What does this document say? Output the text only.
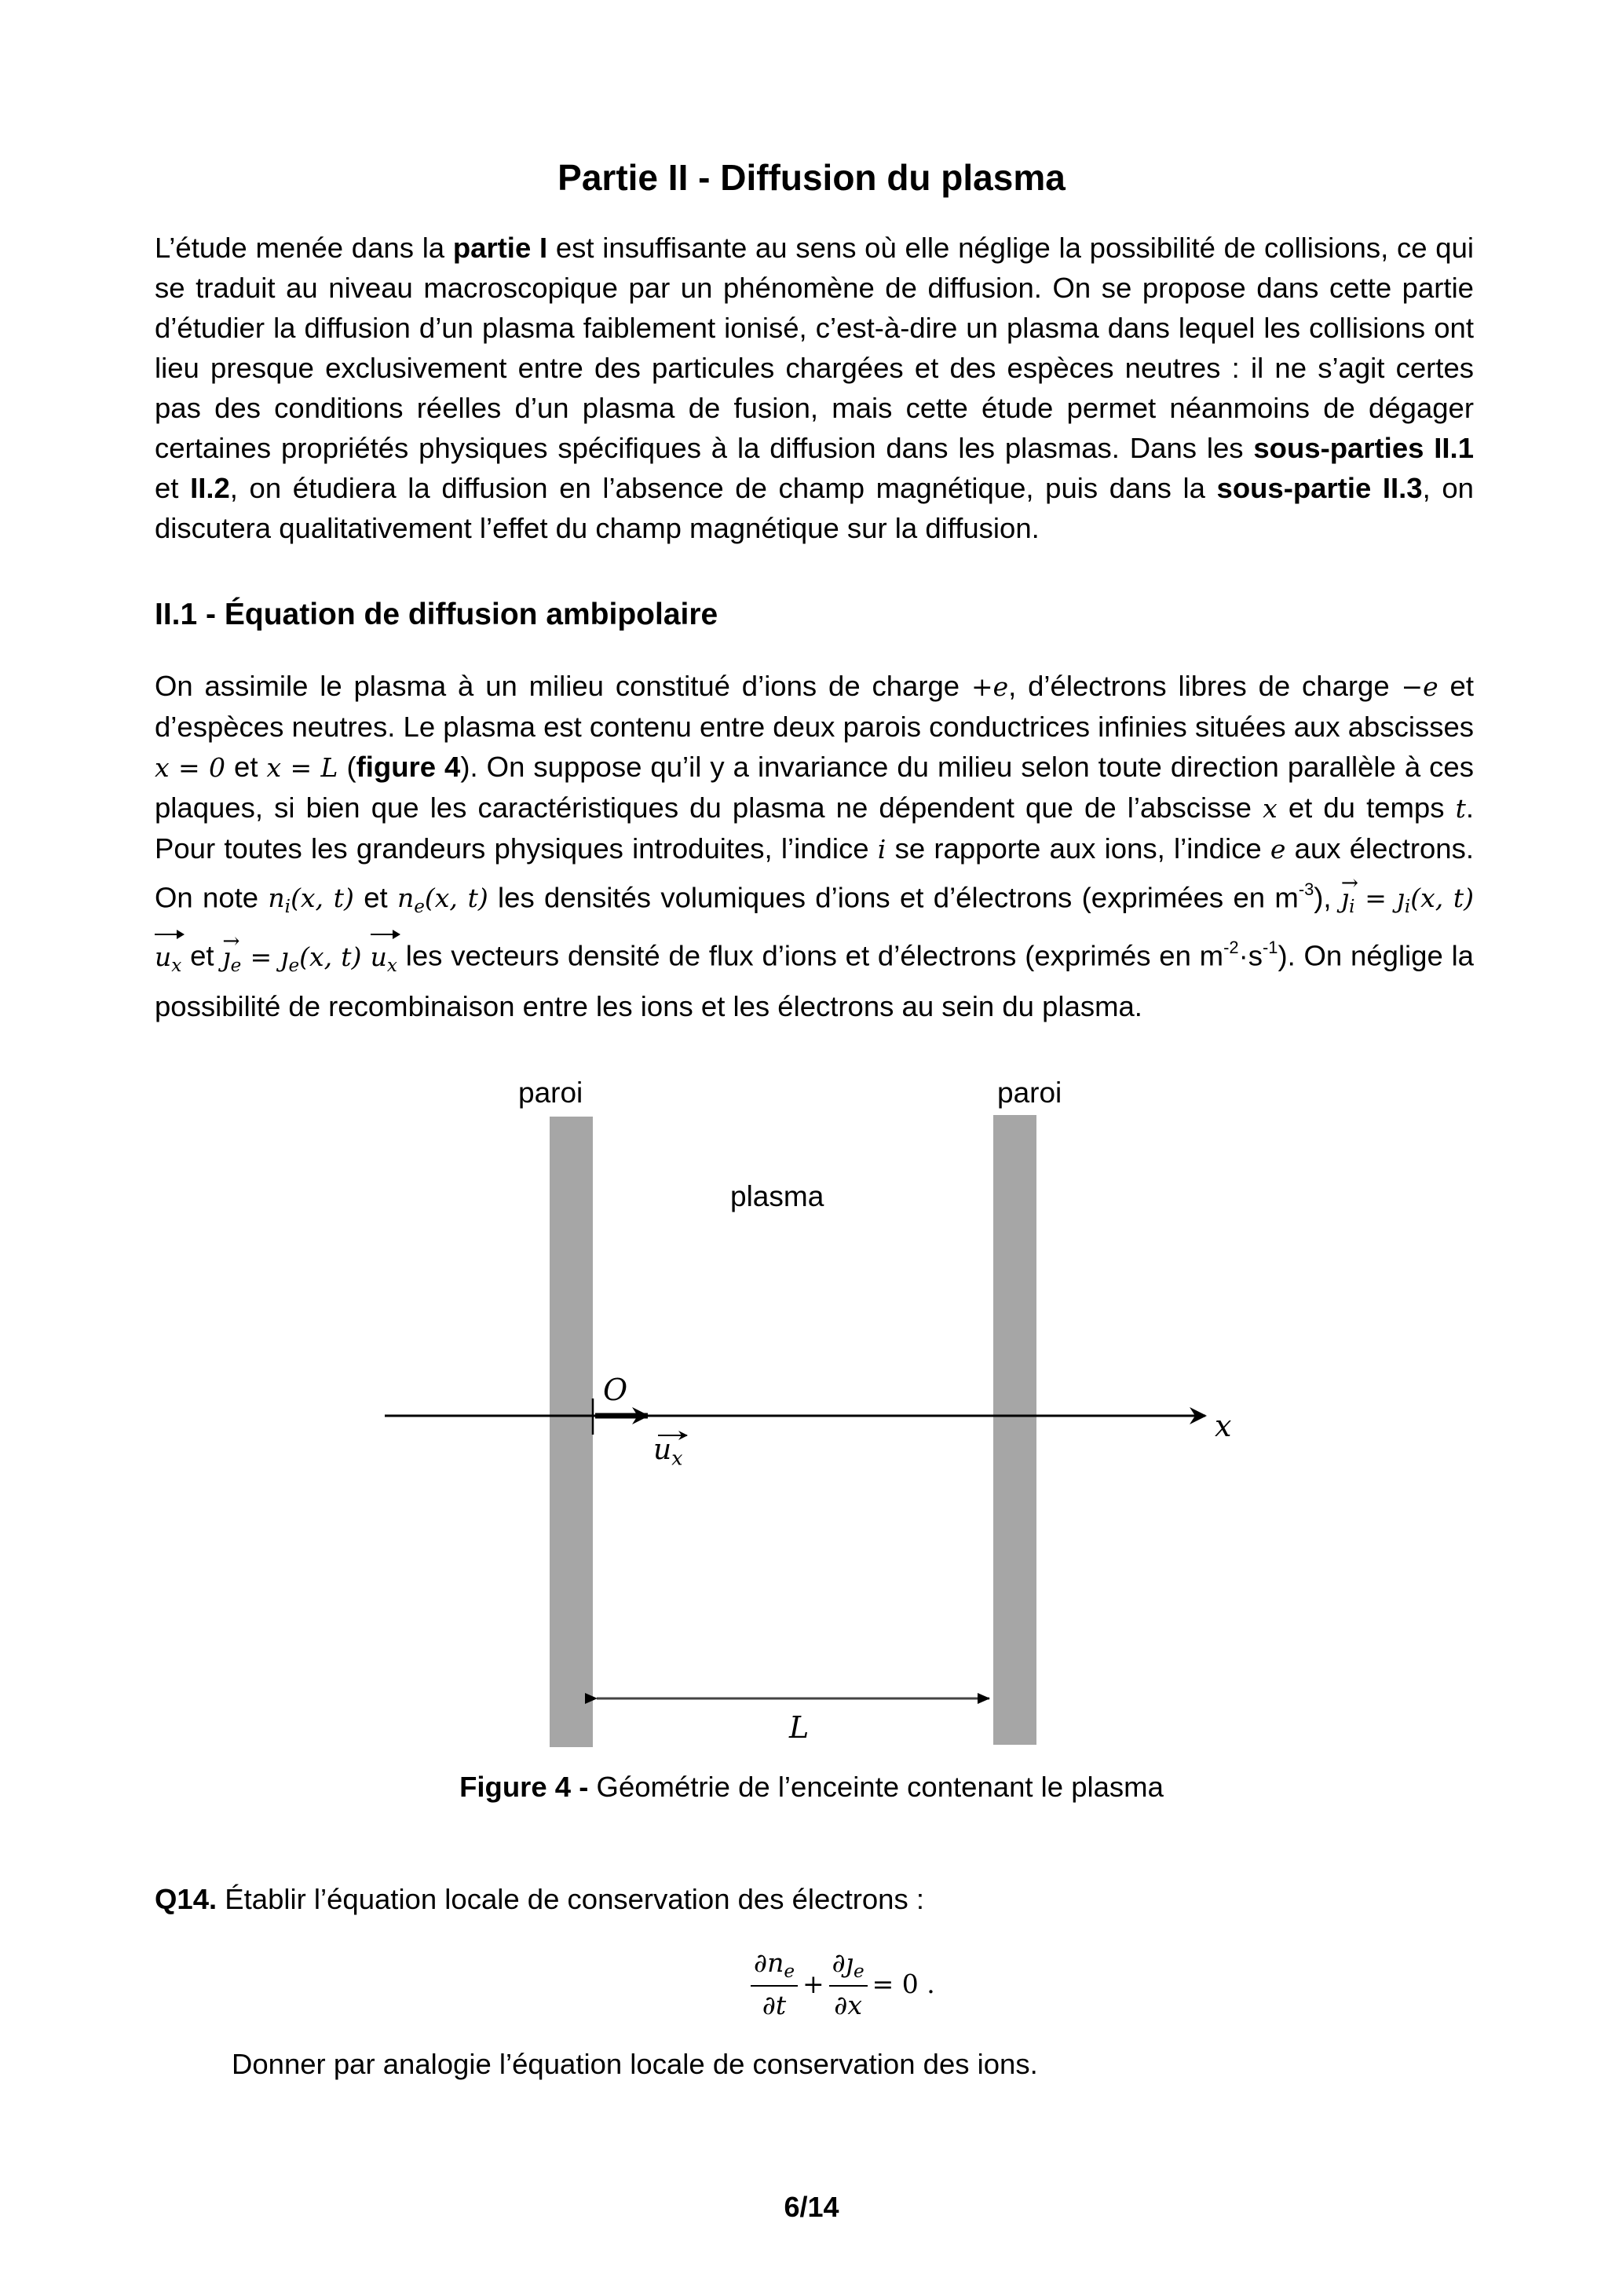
Partie II - Diffusion du plasma
L’étude menée dans la partie I est insuffisante au sens où elle néglige la possibilité de collisions, ce qui se traduit au niveau macroscopique par un phénomène de diffusion. On se propose dans cette partie d’étudier la diffusion d’un plasma faiblement ionisé, c’est-à-dire un plasma dans lequel les collisions ont lieu presque exclusivement entre des particules chargées et des espèces neutres : il ne s’agit certes pas des conditions réelles d’un plasma de fusion, mais cette étude permet néanmoins de dégager certaines propriétés physiques spécifiques à la diffusion dans les plasmas. Dans les sous-parties II.1 et II.2, on étudiera la diffusion en l’absence de champ magnétique, puis dans la sous-partie II.3, on discutera qualitativement l’effet du champ magnétique sur la diffusion.
II.1 - Équation de diffusion ambipolaire
On assimile le plasma à un milieu constitué d’ions de charge +e, d’électrons libres de charge −e et d’espèces neutres. Le plasma est contenu entre deux parois conductrices infinies situées aux abscisses x = 0 et x = L (figure 4). On suppose qu’il y a invariance du milieu selon toute direction parallèle à ces plaques, si bien que les caractéristiques du plasma ne dépendent que de l’abscisse x et du temps t. Pour toutes les grandeurs physiques introduites, l’indice i se rapporte aux ions, l’indice e aux électrons. On note $n_i(x$, t) et $n_e(x$, t) les densités volumiques d’ions et d’électrons (exprimées en $m^{-3}$), → $ȷ_i$ = $ȷ_i(x$, t) $u_x$ et → $ȷ_e$ = $ȷ_e(x$, t) $u_x$ les vecteurs densité de flux d’ions et d’électrons (exprimés en $m^{-2}\cdot s^{-1}$). On néglige la possibilité de recombinaison entre les ions et les électrons au sein du plasma.
paroi	paroi
plasma
O
$u_x$
x
L
Figure 4 - Géométrie de l’enceinte contenant le plasma
Q14. Établir l’équation locale de conservation des électrons :
$\frac{\partial n_e}{\partial t} + \frac{\partial ȷ_e}{\partial x} = 0$ .
Donner par analogie l’équation locale de conservation des ions.
6/14
